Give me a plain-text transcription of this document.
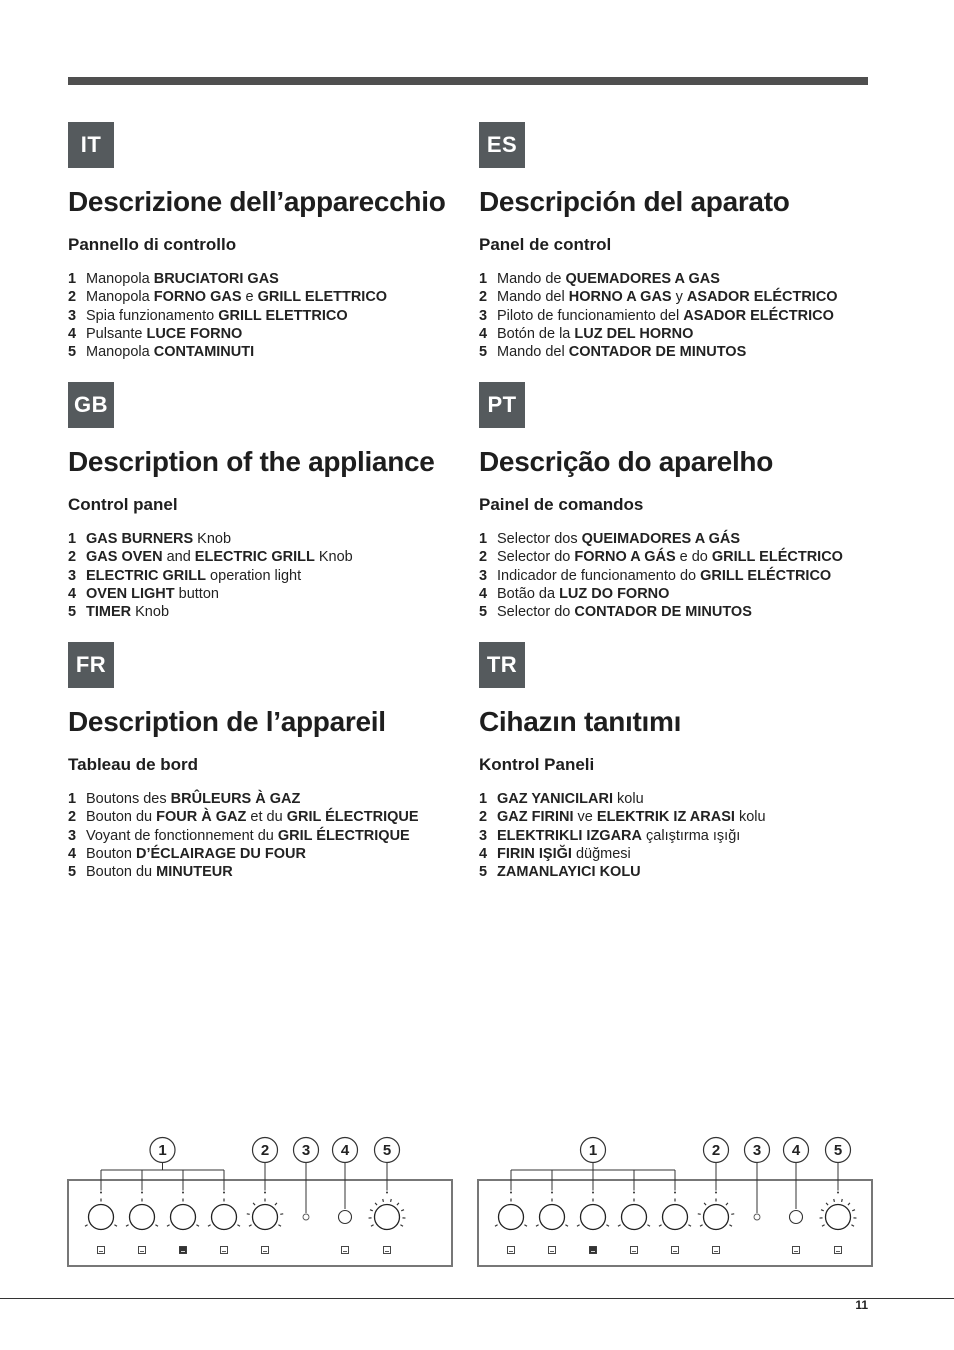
IT
Descrizione dell’apparecchio
Pannello di controllo
1 Manopola BRUCIATORI GAS
2 Manopola FORNO GAS e GRILL ELETTRICO
3 Spia funzionamento GRILL ELETTRICO
4 Pulsante LUCE FORNO
5 Manopola CONTAMINUTI
ES
Descripción del aparato
Panel de control
1 Mando de QUEMADORES A GAS
2 Mando del HORNO A GAS y ASADOR ELÉCTRICO
3 Piloto de funcionamiento del ASADOR ELÉCTRICO
4 Botón de la LUZ DEL HORNO
5 Mando del CONTADOR DE MINUTOS
GB
Description of the appliance
Control panel
1 GAS BURNERS Knob
2 GAS OVEN and ELECTRIC GRILL Knob
3 ELECTRIC GRILL operation light
4 OVEN LIGHT button
5 TIMER Knob
PT
Descrição do aparelho
Painel de comandos
1 Selector dos QUEIMADORES A GÁS
2 Selector do FORNO A GÁS e do GRILL ELÉCTRICO
3 Indicador de funcionamento do GRILL ELÉCTRICO
4 Botão da LUZ DO FORNO
5 Selector do CONTADOR DE MINUTOS
FR
Description de l’appareil
Tableau de bord
1 Boutons des BRÛLEURS À GAZ
2 Bouton du FOUR À GAZ et du GRIL ÉLECTRIQUE
3 Voyant de fonctionnement du GRIL ÉLECTRIQUE
4 Bouton D’ÉCLAIRAGE DU FOUR
5 Bouton du MINUTEUR
TR
Cihazın tanıtımı
Kontrol Paneli
1 GAZ YANICILARI kolu
2 GAZ FIRINI ve ELEKTRIK IZ ARASI kolu
3 ELEKTRIKLI IZGARA çalıştırma ışığı
4 FIRIN IŞIĞI düğmesi
5 ZAMANLAYICI KOLU
1	2 3 4 5	1	2 3 4 5
11
